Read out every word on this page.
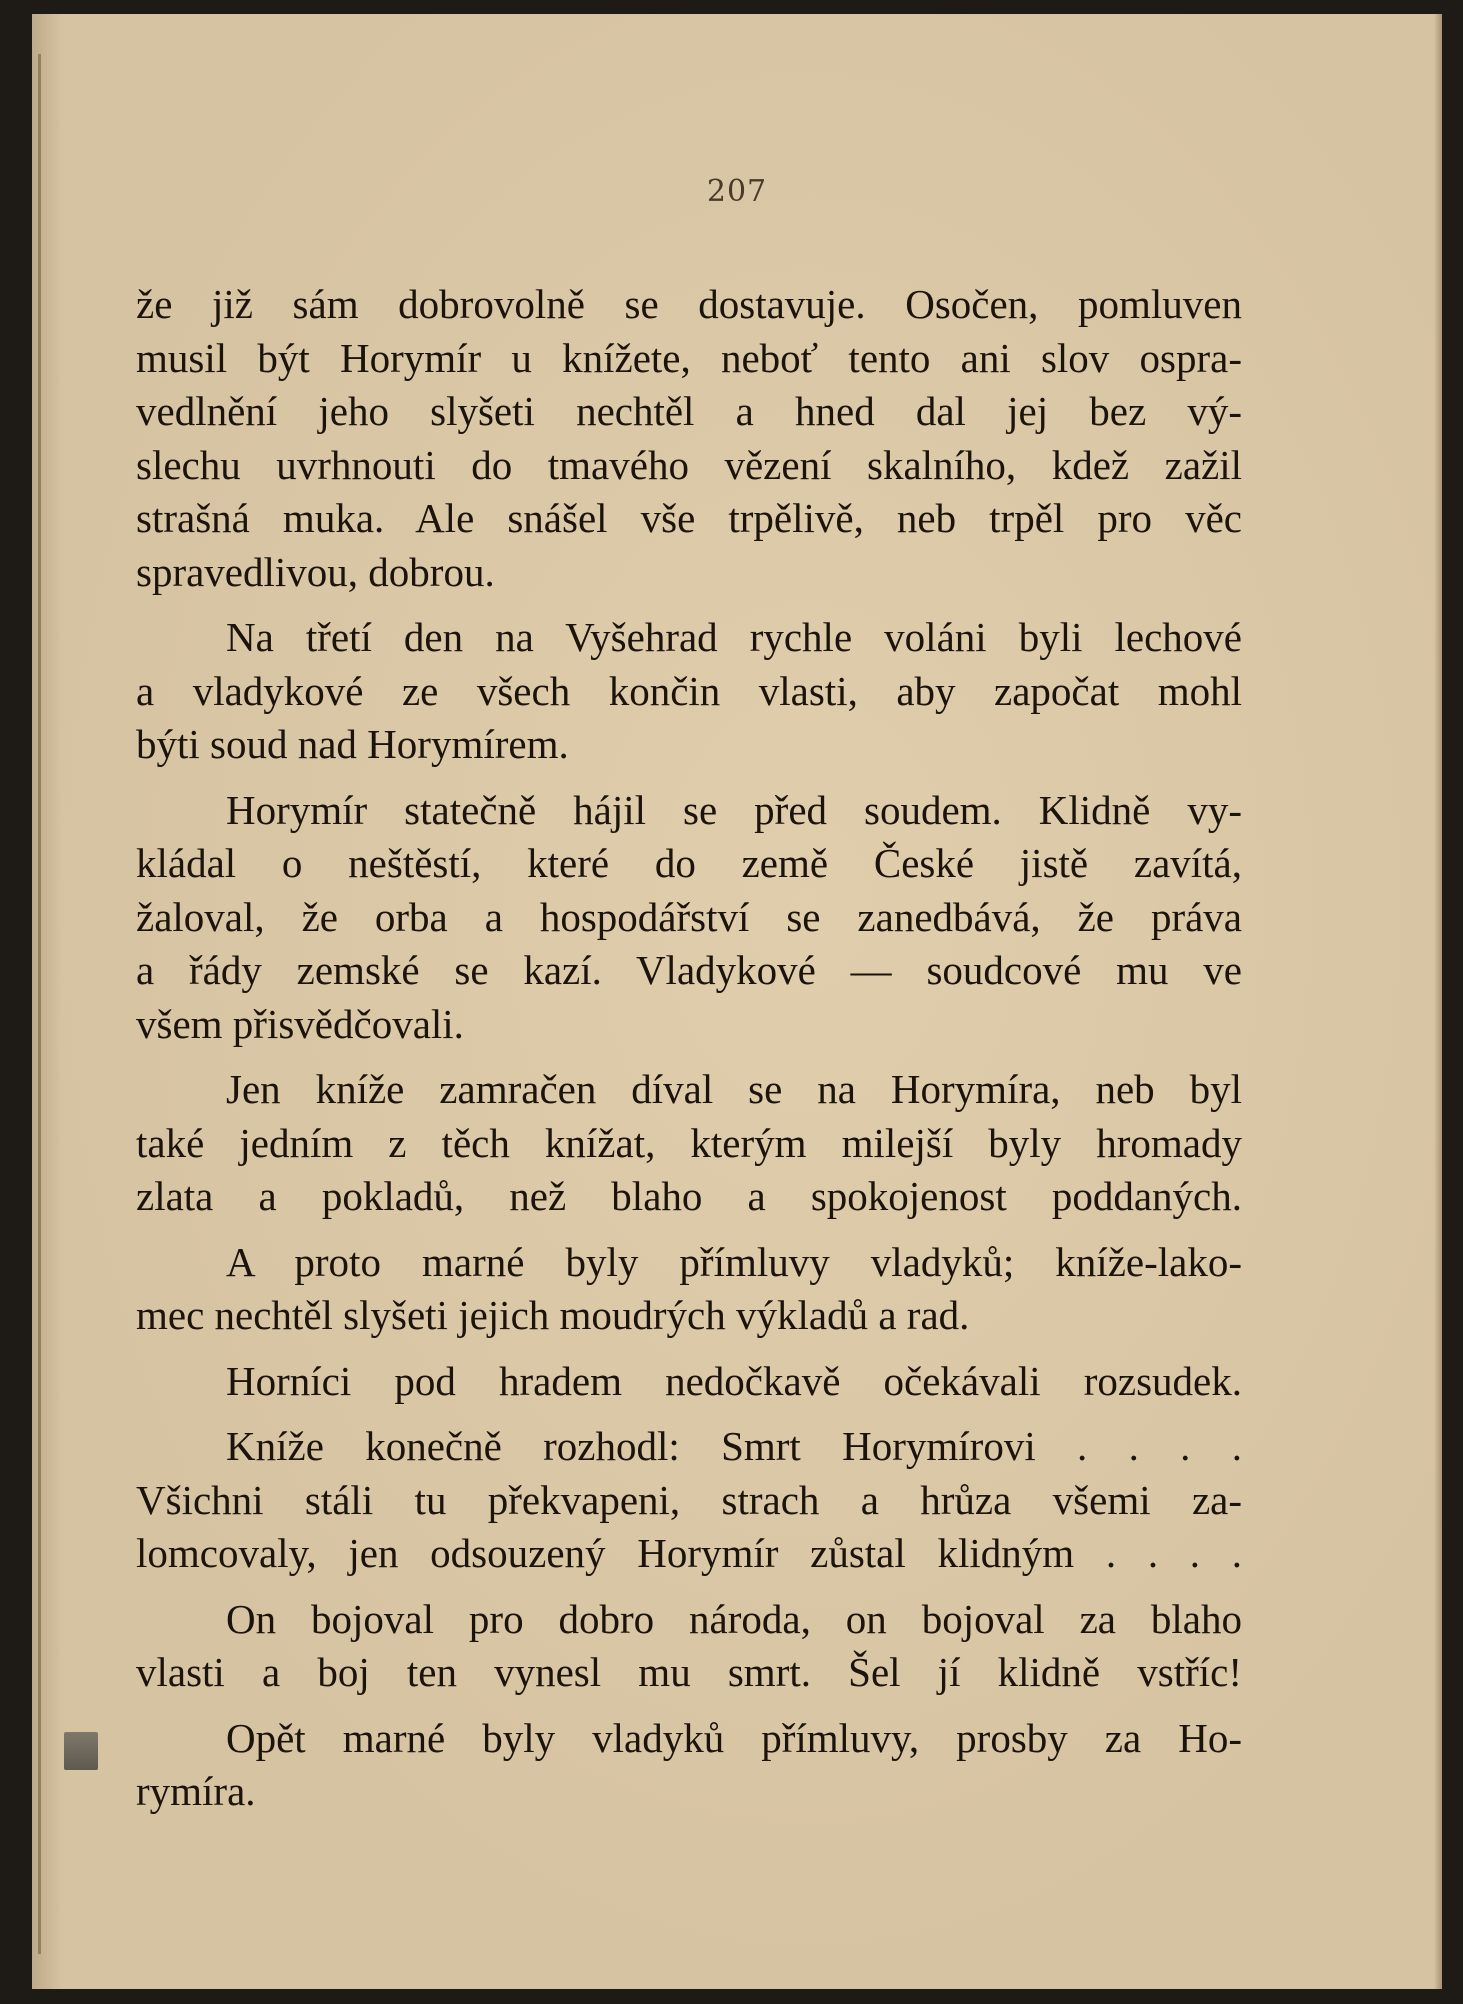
207
že již sám dobrovolně se dostavuje. Osočen, pomluven
musil být Horymír u knížete, neboť tento ani slov ospra-
vedlnění jeho slyšeti nechtěl a hned dal jej bez vý-
slechu uvrhnouti do tmavého vězení skalního, kdež zažil
strašná muka. Ale snášel vše trpělivě, neb trpěl pro věc
spravedlivou, dobrou.
Na třetí den na Vyšehrad rychle voláni byli lechové
a vladykové ze všech končin vlasti, aby započat mohl
býti soud nad Horymírem.
Horymír statečně hájil se před soudem. Klidně vy-
kládal o neštěstí, které do země České jistě zavítá,
žaloval, že orba a hospodářství se zanedbává, že práva
a řády zemské se kazí. Vladykové — soudcové mu ve
všem přisvědčovali.
Jen kníže zamračen díval se na Horymíra, neb byl
také jedním z těch knížat, kterým milejší byly hromady
zlata a pokladů, než blaho a spokojenost poddaných.
A proto marné byly přímluvy vladyků; kníže-lako-
mec nechtěl slyšeti jejich moudrých výkladů a rad.
Horníci pod hradem nedočkavě očekávali rozsudek.
Kníže konečně rozhodl: Smrt Horymírovi . . . .
Všichni stáli tu překvapeni, strach a hrůza všemi za-
lomcovaly, jen odsouzený Horymír zůstal klidným . . . .
On bojoval pro dobro národa, on bojoval za blaho
vlasti a boj ten vynesl mu smrt. Šel jí klidně vstříc!
Opět marné byly vladyků přímluvy, prosby za Ho-
rymíra.
